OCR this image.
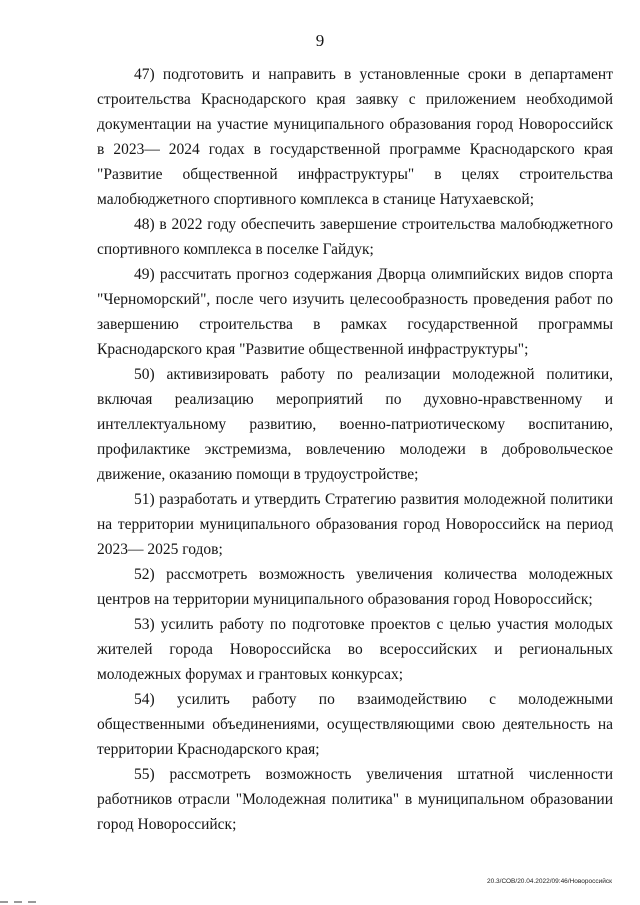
9

47) подготовить и направить в установленные сроки в департамент строительства Краснодарского края заявку с приложением необходимой документации на участие муниципального образования город Новороссийск в 2023— 2024 годах в государственной программе Краснодарского края "Развитие общественной инфраструктуры" в целях строительства малобюджетного спортивного комплекса в станице Натухаевской;

48) в 2022 году обеспечить завершение строительства малобюджетного спортивного комплекса в поселке Гайдук;

49) рассчитать прогноз содержания Дворца олимпийских видов спорта "Черноморский", после чего изучить целесообразность проведения работ по завершению строительства в рамках государственной программы Краснодарского края "Развитие общественной инфраструктуры";

50) активизировать работу по реализации молодежной политики, включая реализацию мероприятий по духовно-нравственному и интеллектуальному развитию, военно-патриотическому воспитанию, профилактике экстремизма, вовлечению молодежи в добровольческое движение, оказанию помощи в трудоустройстве;

51) разработать и утвердить Стратегию развития молодежной политики на территории муниципального образования город Новороссийск на период 2023— 2025 годов;

52) рассмотреть возможность увеличения количества молодежных центров на территории муниципального образования город Новороссийск;

53) усилить работу по подготовке проектов с целью участия молодых жителей города Новороссийска во всероссийских и региональных молодежных форумах и грантовых конкурсах;

54) усилить работу по взаимодействию с молодежными общественными объединениями, осуществляющими свою деятельность на территории Краснодарского края;

55) рассмотреть возможность увеличения штатной численности работников отрасли "Молодежная политика" в муниципальном образовании город Новороссийск;

20.3/СОВ/20.04.2022/09:46/Новороссийск
